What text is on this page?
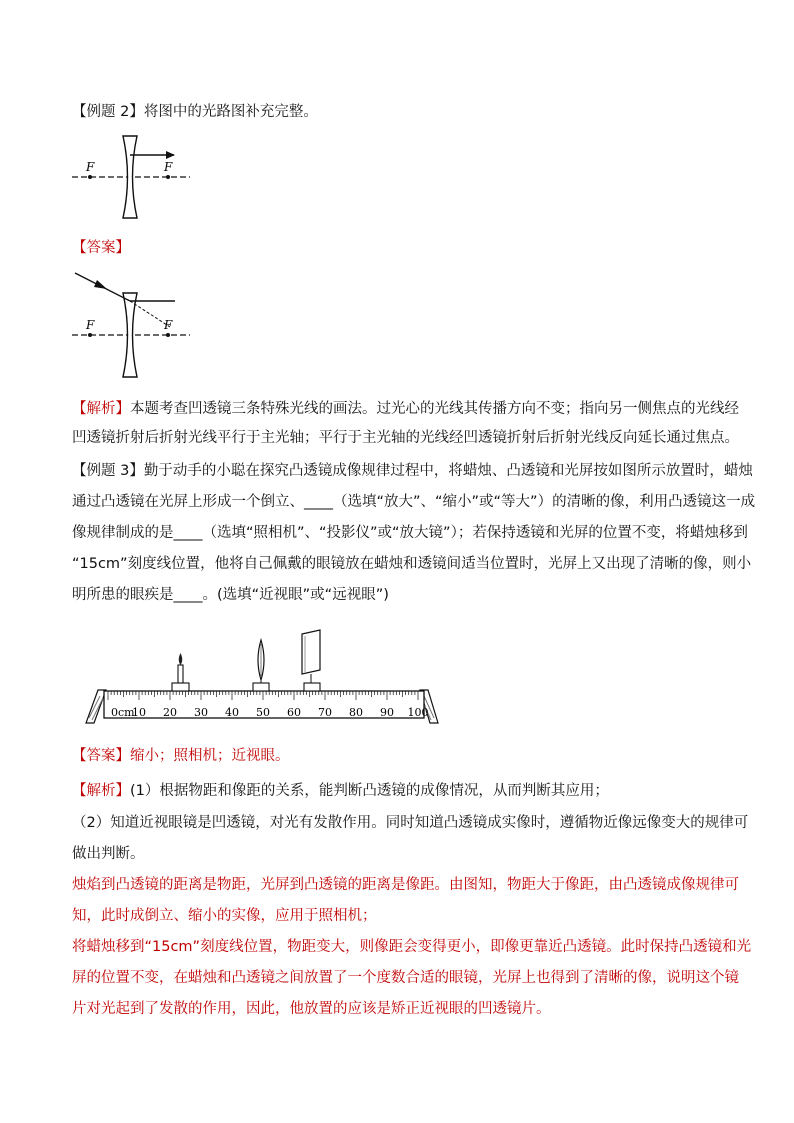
【例题 2】将图中的光路图补充完整。
F	F
【答案】
F	F
【解析】本题考查凹透镜三条特殊光线的画法。过光心的光线其传播方向不变；指向另一侧焦点的光线经
凹透镜折射后折射光线平行于主光轴；平行于主光轴的光线经凹透镜折射后折射光线反向延长通过焦点。
【例题 3】勤于动手的小聪在探究凸透镜成像规律过程中，将蜡烛、凸透镜和光屏按如图所示放置时，蜡烛
通过凸透镜在光屏上形成一个倒立、____（选填“放大”、“缩小”或“等大”）的清晰的像，利用凸透镜这一成
像规律制成的是____（选填“照相机”、“投影仪”或“放大镜”）；若保持透镜和光屏的位置不变，将蜡烛移到
“15cm”刻度线位置，他将自己佩戴的眼镜放在蜡烛和透镜间适当位置时，光屏上又出现了清晰的像，则小
明所患的眼疾是____。(选填“近视眼”或“远视眼”)
0cm
10 20 30 40 50 60 70 80 90 100
【答案】缩小；照相机；近视眼。
【解析】(1）根据物距和像距的关系，能判断凸透镜的成像情况，从而判断其应用；
（2）知道近视眼镜是凹透镜，对光有发散作用。同时知道凸透镜成实像时，遵循物近像远像变大的规律可
做出判断。
烛焰到凸透镜的距离是物距，光屏到凸透镜的距离是像距。由图知，物距大于像距，由凸透镜成像规律可
知，此时成倒立、缩小的实像，应用于照相机；
将蜡烛移到“15cm”刻度线位置，物距变大，则像距会变得更小，即像更靠近凸透镜。此时保持凸透镜和光
屏的位置不变，在蜡烛和凸透镜之间放置了一个度数合适的眼镜，光屏上也得到了清晰的像，说明这个镜
片对光起到了发散的作用，因此，他放置的应该是矫正近视眼的凹透镜片。
